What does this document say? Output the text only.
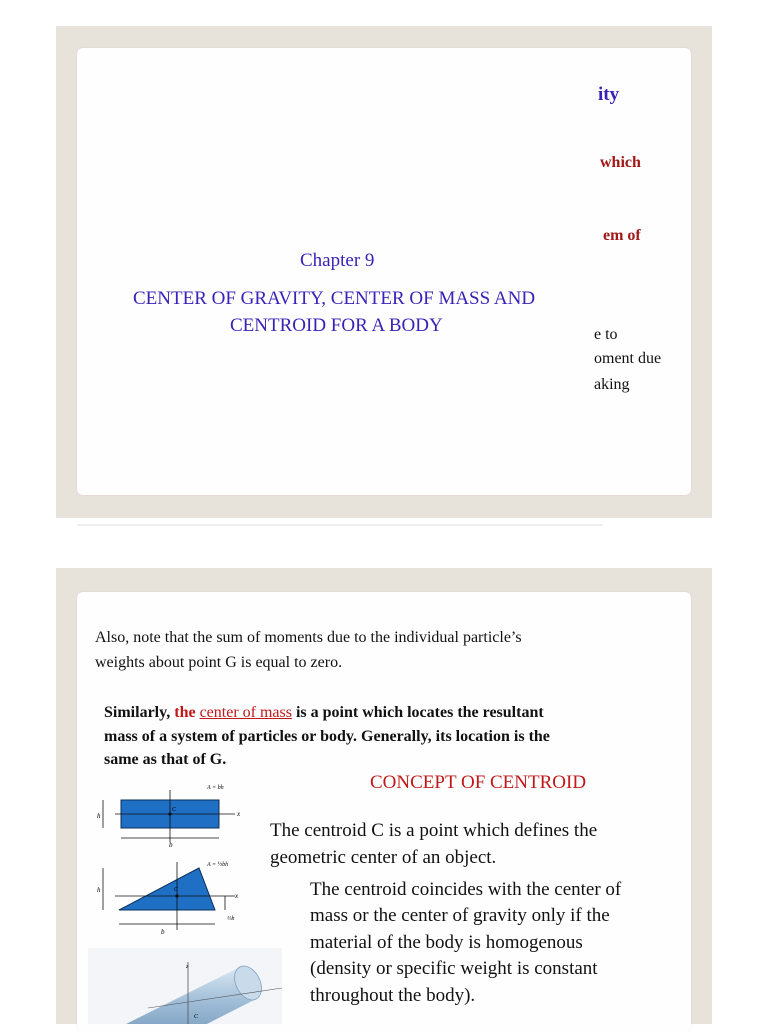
ity
which
em of
e to
oment due
aking
Chapter 9
CENTER OF GRAVITY, CENTER OF MASS AND
CENTROID FOR A BODY
Also, note that the sum of moments due to the individual particle’s
weights about point G is equal to zero.
Similarly, the center of mass is a point which locates the resultant
mass of a system of particles or body. Generally, its location is the
same as that of G.
CONCEPT OF CENTROID
The centroid C is a point which defines the
geometric center of an object.
The centroid coincides with the center of
mass or the center of gravity only if the
material of the body is homogenous
(density or specific weight is constant
throughout the body).
A = bh
h
b
x
C
A = ½bh
h
b
x
⅓h
C
z
C
